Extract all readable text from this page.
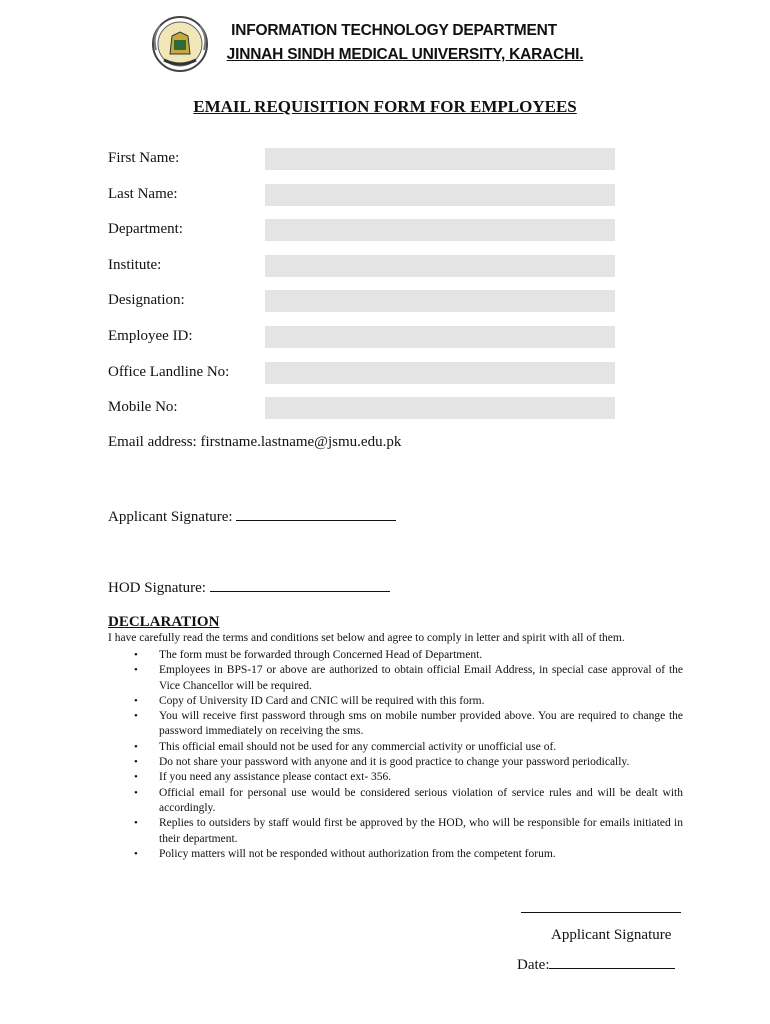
INFORMATION TECHNOLOGY DEPARTMENT
JINNAH SINDH MEDICAL UNIVERSITY, KARACHI.
EMAIL REQUISITION FORM FOR EMPLOYEES
First Name:
Last Name:
Department:
Institute:
Designation:
Employee ID:
Office Landline No:
Mobile No:
Email address: firstname.lastname@jsmu.edu.pk
Applicant Signature:
HOD Signature:
DECLARATION
I have carefully read the terms and conditions set below and agree to comply in letter and spirit with all of them.
• The form must be forwarded through Concerned Head of Department.
• Employees in BPS-17 or above are authorized to obtain official Email Address, in special case approval of the Vice Chancellor will be required.
• Copy of University ID Card and CNIC will be required with this form.
• You will receive first password through sms on mobile number provided above. You are required to change the password immediately on receiving the sms.
• This official email should not be used for any commercial activity or unofficial use of.
• Do not share your password with anyone and it is good practice to change your password periodically.
• If you need any assistance please contact ext- 356.
• Official email for personal use would be considered serious violation of service rules and will be dealt with accordingly.
• Replies to outsiders by staff would first be approved by the HOD, who will be responsible for emails initiated in their department.
• Policy matters will not be responded without authorization from the competent forum.
Applicant Signature
Date:
